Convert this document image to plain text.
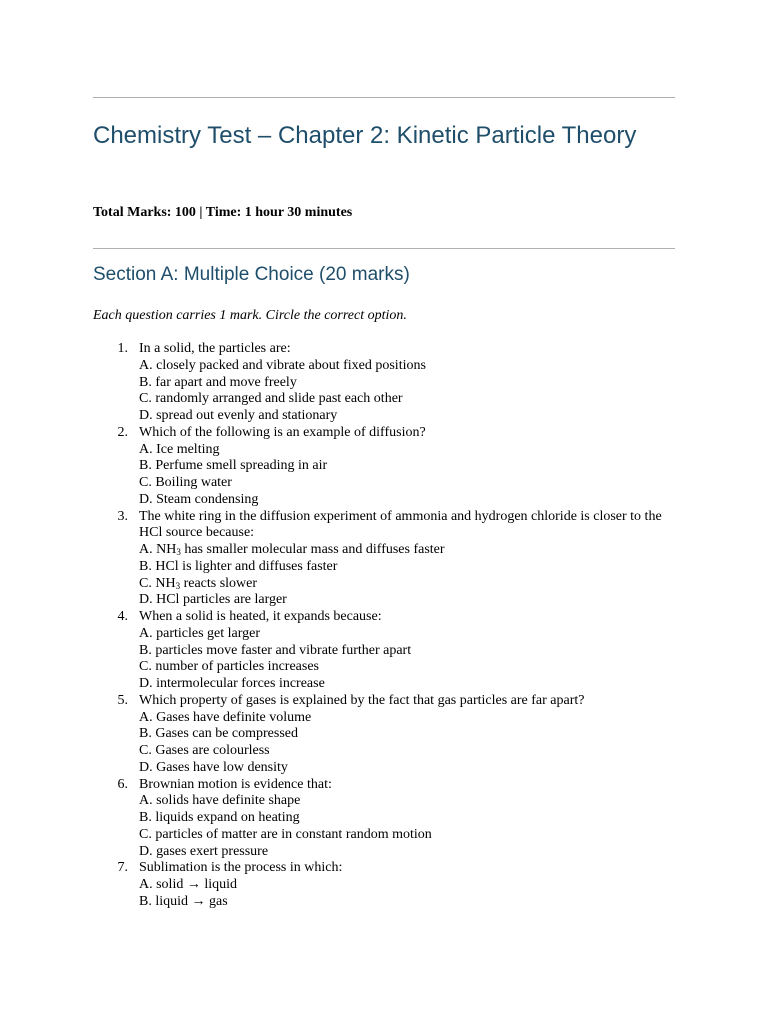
Chemistry Test – Chapter 2: Kinetic Particle Theory

Total Marks: 100 | Time: 1 hour 30 minutes

Section A: Multiple Choice (20 marks)

Each question carries 1 mark. Circle the correct option.

1. In a solid, the particles are:
A. closely packed and vibrate about fixed positions
B. far apart and move freely
C. randomly arranged and slide past each other
D. spread out evenly and stationary
2. Which of the following is an example of diffusion?
A. Ice melting
B. Perfume smell spreading in air
C. Boiling water
D. Steam condensing
3. The white ring in the diffusion experiment of ammonia and hydrogen chloride is closer to the HCl source because:
A. $NH_3$ has smaller molecular mass and diffuses faster
B. HCl is lighter and diffuses faster
C. $NH_3$ reacts slower
D. HCl particles are larger
4. When a solid is heated, it expands because:
A. particles get larger
B. particles move faster and vibrate further apart
C. number of particles increases
D. intermolecular forces increase
5. Which property of gases is explained by the fact that gas particles are far apart?
A. Gases have definite volume
B. Gases can be compressed
C. Gases are colourless
D. Gases have low density
6. Brownian motion is evidence that:
A. solids have definite shape
B. liquids expand on heating
C. particles of matter are in constant random motion
D. gases exert pressure
7. Sublimation is the process in which:
A. solid → liquid
B. liquid → gas
